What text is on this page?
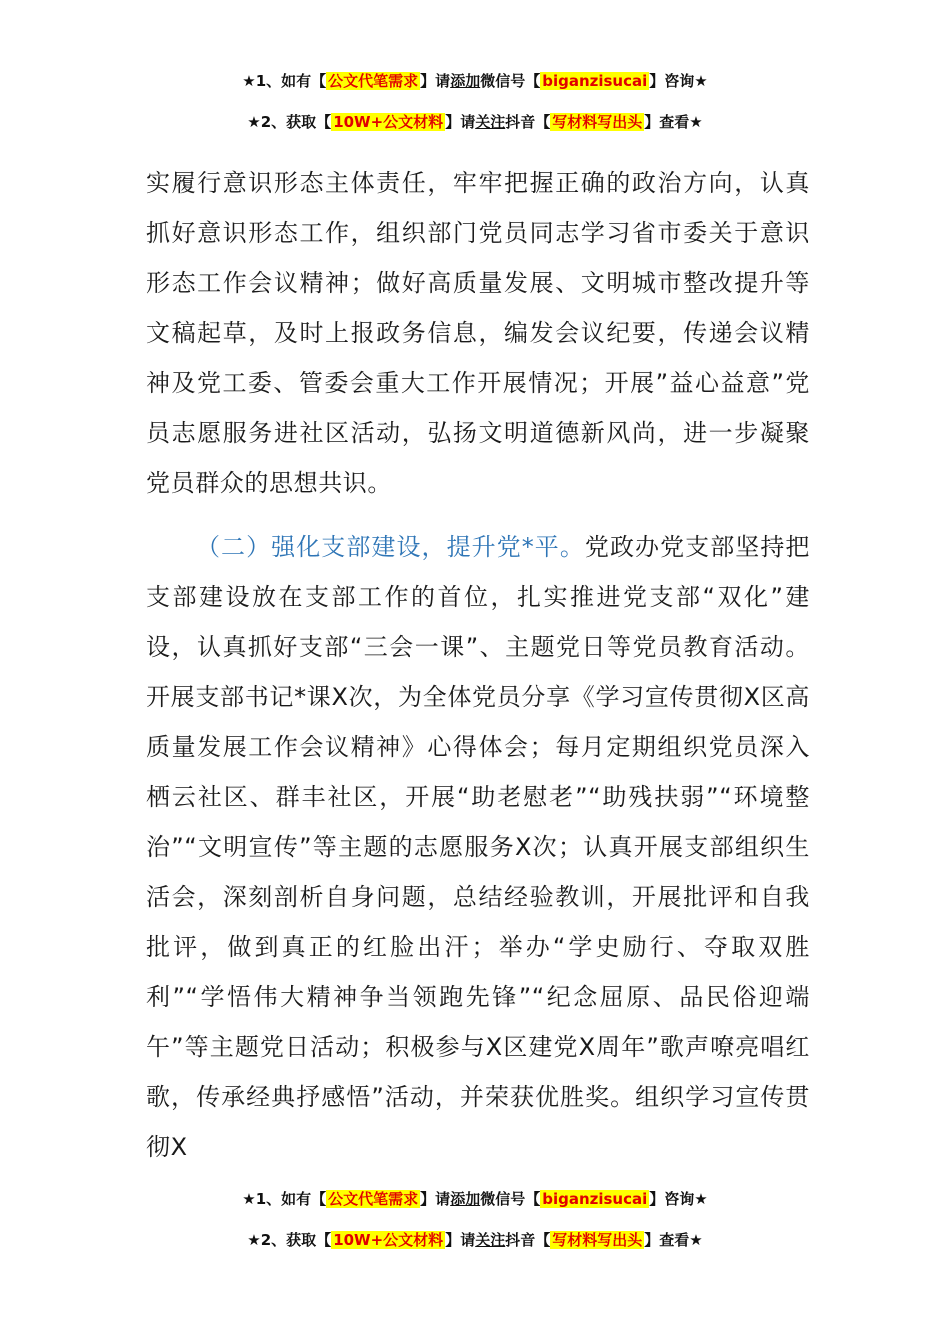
★1、如有【 公文代笔需求 】请添加微信号【 biganzisucai 】咨询★
★2、获取【 10W+公文材料 】请关注抖音【 写材料写出头 】查看★

实履行意识形态主体责任，牢牢把握正确的政治方向，认真抓好意识形态工作，组织部门党员同志学习省市委关于意识形态工作会议精神；做好高质量发展、文明城市整改提升等文稿起草，及时上报政务信息，编发会议纪要，传递会议精神及党工委、管委会重大工作开展情况；开展”益心益意”党员志愿服务进社区活动，弘扬文明道德新风尚，进一步凝聚党员群众的思想共识。

（二）强化支部建设，提升党*平。党政办党支部坚持把支部建设放在支部工作的首位，扎实推进党支部“双化”建设，认真抓好支部“三会一课”、主题党日等党员教育活动。开展支部书记*课X次，为全体党员分享《学习宣传贯彻X区高质量发展工作会议精神》心得体会；每月定期组织党员深入栖云社区、群丰社区，开展“助老慰老”“助残扶弱”“环境整治”“文明宣传”等主题的志愿服务X次；认真开展支部组织生活会，深刻剖析自身问题，总结经验教训，开展批评和自我批评，做到真正的红脸出汗；举办“学史励行、夺取双胜利”“学悟伟大精神争当领跑先锋”“纪念屈原、品民俗迎端午”等主题党日活动；积极参与X区建党X周年”歌声嘹亮唱红歌，传承经典抒感悟”活动，并荣获优胜奖。组织学习宣传贯彻X

★1、如有【 公文代笔需求 】请添加微信号【 biganzisucai 】咨询★
★2、获取【 10W+公文材料 】请关注抖音【 写材料写出头 】查看★
